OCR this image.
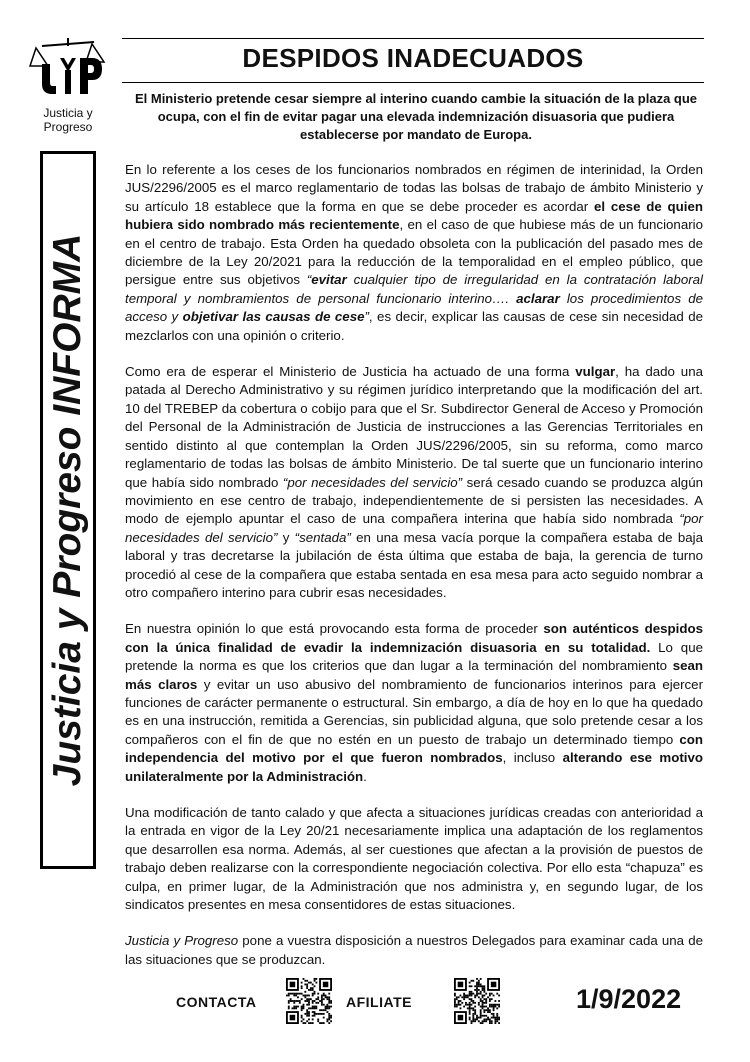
Justicia y Progreso
Justicia y Progreso INFORMA
DESPIDOS INADECUADOS
El Ministerio pretende cesar siempre al interino cuando cambie la situación de la plaza que ocupa, con el fin de evitar pagar una elevada indemnización disuasoria que pudiera establecerse por mandato de Europa.

En lo referente a los ceses de los funcionarios nombrados en régimen de interinidad, la Orden JUS/2296/2005 es el marco reglamentario de todas las bolsas de trabajo de ámbito Ministerio y su artículo 18 establece que la forma en que se debe proceder es acordar el cese de quien hubiera sido nombrado más recientemente, en el caso de que hubiese más de un funcionario en el centro de trabajo. Esta Orden ha quedado obsoleta con la publicación del pasado mes de diciembre de la Ley 20/2021 para la reducción de la temporalidad en el empleo público, que persigue entre sus objetivos “evitar cualquier tipo de irregularidad en la contratación laboral temporal y nombramientos de personal funcionario interino…. aclarar los procedimientos de acceso y objetivar las causas de cese”, es decir, explicar las causas de cese sin necesidad de mezclarlos con una opinión o criterio.

Como era de esperar el Ministerio de Justicia ha actuado de una forma vulgar, ha dado una patada al Derecho Administrativo y su régimen jurídico interpretando que la modificación del art. 10 del TREBEP da cobertura o cobijo para que el Sr. Subdirector General de Acceso y Promoción del Personal de la Administración de Justicia de instrucciones a las Gerencias Territoriales en sentido distinto al que contemplan la Orden JUS/2296/2005, sin su reforma, como marco reglamentario de todas las bolsas de ámbito Ministerio. De tal suerte que un funcionario interino que había sido nombrado “por necesidades del servicio” será cesado cuando se produzca algún movimiento en ese centro de trabajo, independientemente de si persisten las necesidades. A modo de ejemplo apuntar el caso de una compañera interina que había sido nombrada “por necesidades del servicio” y “sentada” en una mesa vacía porque la compañera estaba de baja laboral y tras decretarse la jubilación de ésta última que estaba de baja, la gerencia de turno procedió al cese de la compañera que estaba sentada en esa mesa para acto seguido nombrar a otro compañero interino para cubrir esas necesidades.

En nuestra opinión lo que está provocando esta forma de proceder son auténticos despidos con la única finalidad de evadir la indemnización disuasoria en su totalidad. Lo que pretende la norma es que los criterios que dan lugar a la terminación del nombramiento sean más claros y evitar un uso abusivo del nombramiento de funcionarios interinos para ejercer funciones de carácter permanente o estructural. Sin embargo, a día de hoy en lo que ha quedado es en una instrucción, remitida a Gerencias, sin publicidad alguna, que solo pretende cesar a los compañeros con el fin de que no estén en un puesto de trabajo un determinado tiempo con independencia del motivo por el que fueron nombrados, incluso alterando ese motivo unilateralmente por la Administración.

Una modificación de tanto calado y que afecta a situaciones jurídicas creadas con anterioridad a la entrada en vigor de la Ley 20/21 necesariamente implica una adaptación de los reglamentos que desarrollen esa norma. Además, al ser cuestiones que afectan a la provisión de puestos de trabajo deben realizarse con la correspondiente negociación colectiva. Por ello esta “chapuza” es culpa, en primer lugar, de la Administración que nos administra y, en segundo lugar, de los sindicatos presentes en mesa consentidores de estas situaciones.

Justicia y Progreso pone a vuestra disposición a nuestros Delegados para examinar cada una de las situaciones que se produzcan.

CONTACTA	AFILIATE	1/9/2022
